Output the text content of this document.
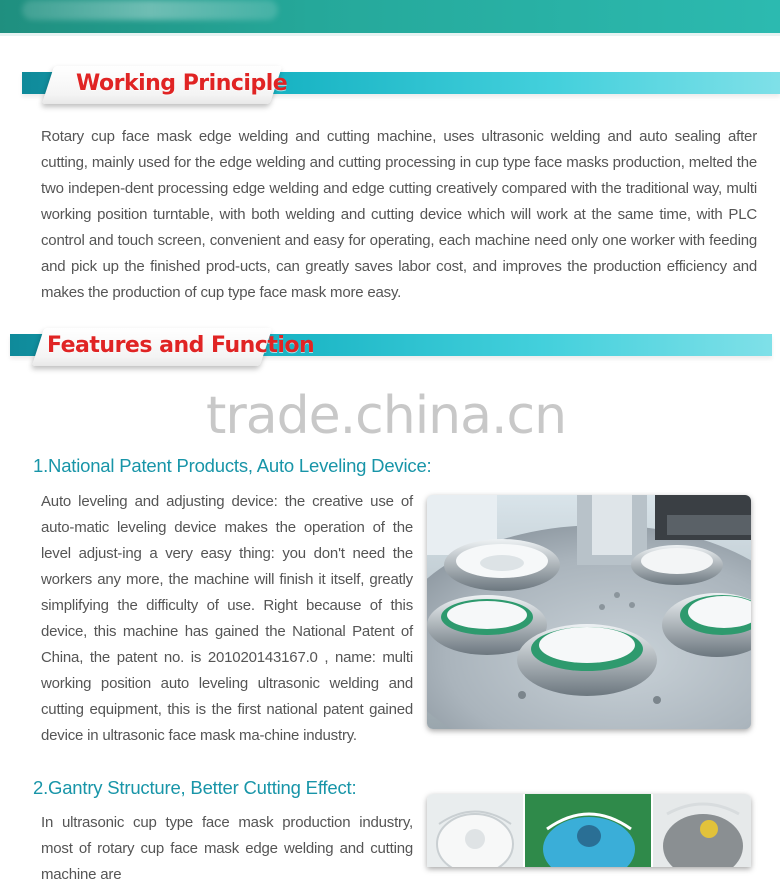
Working Principle
Rotary cup face mask edge welding and cutting machine, uses ultrasonic welding and auto sealing after cutting, mainly used for the edge welding and cutting processing in cup type face masks production, melted the two indepen-dent processing edge welding and edge cutting creatively compared with the traditional way, multi working position turntable, with both welding and cutting device which will work at the same time, with PLC control and touch screen, convenient and easy for operating, each machine need only one worker with feeding and pick up the finished prod-ucts, can greatly saves labor cost, and improves the production efficiency and makes the production of cup type face mask more easy.
Features and Function
trade.china.cn
1.National Patent Products, Auto Leveling Device:
Auto leveling and adjusting device: the creative use of auto-matic leveling device makes the operation of the level adjust-ing a very easy thing: you don't need the workers any more, the machine will finish it itself, greatly simplifying the difficulty of use. Right because of this device, this machine has gained the National Patent of China, the patent no. is 201020143167.0 , name: multi working position auto leveling ultrasonic welding and cutting equipment, this is the first national patent gained device in ultrasonic face mask ma-chine industry.
2.Gantry Structure, Better Cutting Effect:
In ultrasonic cup type face mask production industry, most of rotary cup face mask edge welding and cutting machine are
